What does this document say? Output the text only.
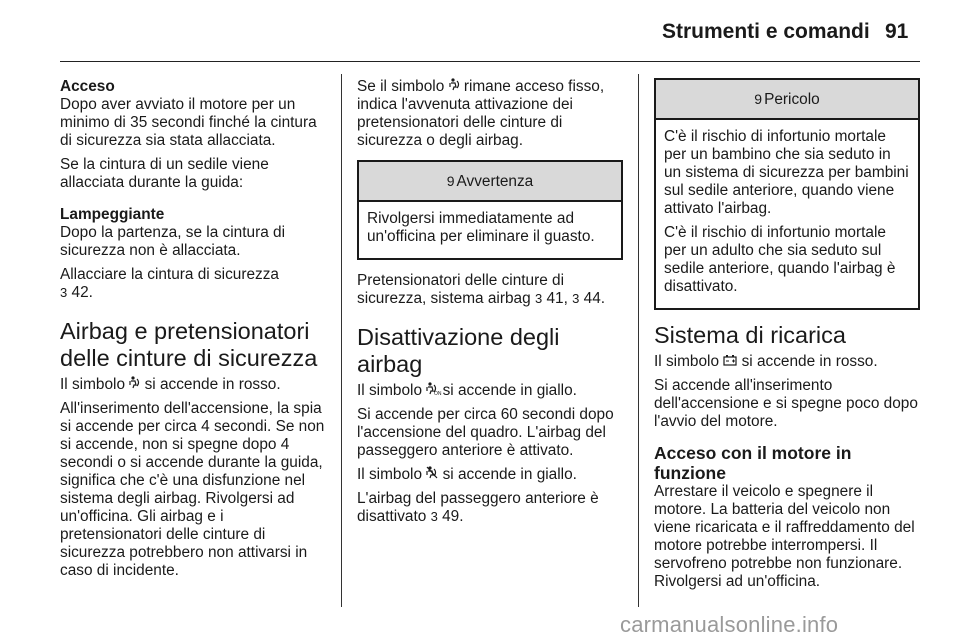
Strumenti e comandi 91

Acceso

Dopo aver avviato il motore per un minimo di 35 secondi finché la cintura di sicurezza sia stata allacciata.

Se la cintura di un sedile viene allacciata durante la guida:

Lampeggiante

Dopo la partenza, se la cintura di sicurezza non è allacciata.

Allacciare la cintura di sicurezza
3 42.

Airbag e pretensionatori delle cinture di sicurezza

Il simbolo si accende in rosso.

All'inserimento dell'accensione, la spia si accende per circa 4 secondi. Se non si accende, non si spegne dopo 4 secondi o si accende durante la guida, significa che c'è una disfunzione nel sistema degli airbag. Rivolgersi ad un'officina. Gli airbag e i pretensionatori delle cinture di sicurezza potrebbero non attivarsi in caso di incidente.

Se il simbolo rimane acceso fisso, indica l'avvenuta attivazione dei pretensionatori delle cinture di sicurezza o degli airbag.

9 Avvertenza

Rivolgersi immediatamente ad un'officina per eliminare il guasto.

Pretensionatori delle cinture di sicurezza, sistema airbag 3 41, 3 44.

Disattivazione degli airbag

Il simbolo ON si accende in giallo.

Si accende per circa 60 secondi dopo l'accensione del quadro. L'airbag del passeggero anteriore è attivato.

Il simbolo si accende in giallo.

L'airbag del passeggero anteriore è disattivato 3 49.

9 Pericolo

C'è il rischio di infortunio mortale per un bambino che sia seduto in un sistema di sicurezza per bambini sul sedile anteriore, quando viene attivato l'airbag.

C'è il rischio di infortunio mortale per un adulto che sia seduto sul sedile anteriore, quando l'airbag è disattivato.

Sistema di ricarica

Il simbolo si accende in rosso.

Si accende all'inserimento dell'accensione e si spegne poco dopo l'avvio del motore.

Acceso con il motore in funzione

Arrestare il veicolo e spegnere il motore. La batteria del veicolo non viene ricaricata e il raffreddamento del motore potrebbe interrompersi. Il servofreno potrebbe non funzionare. Rivolgersi ad un'officina.

carmanualsonline.info
